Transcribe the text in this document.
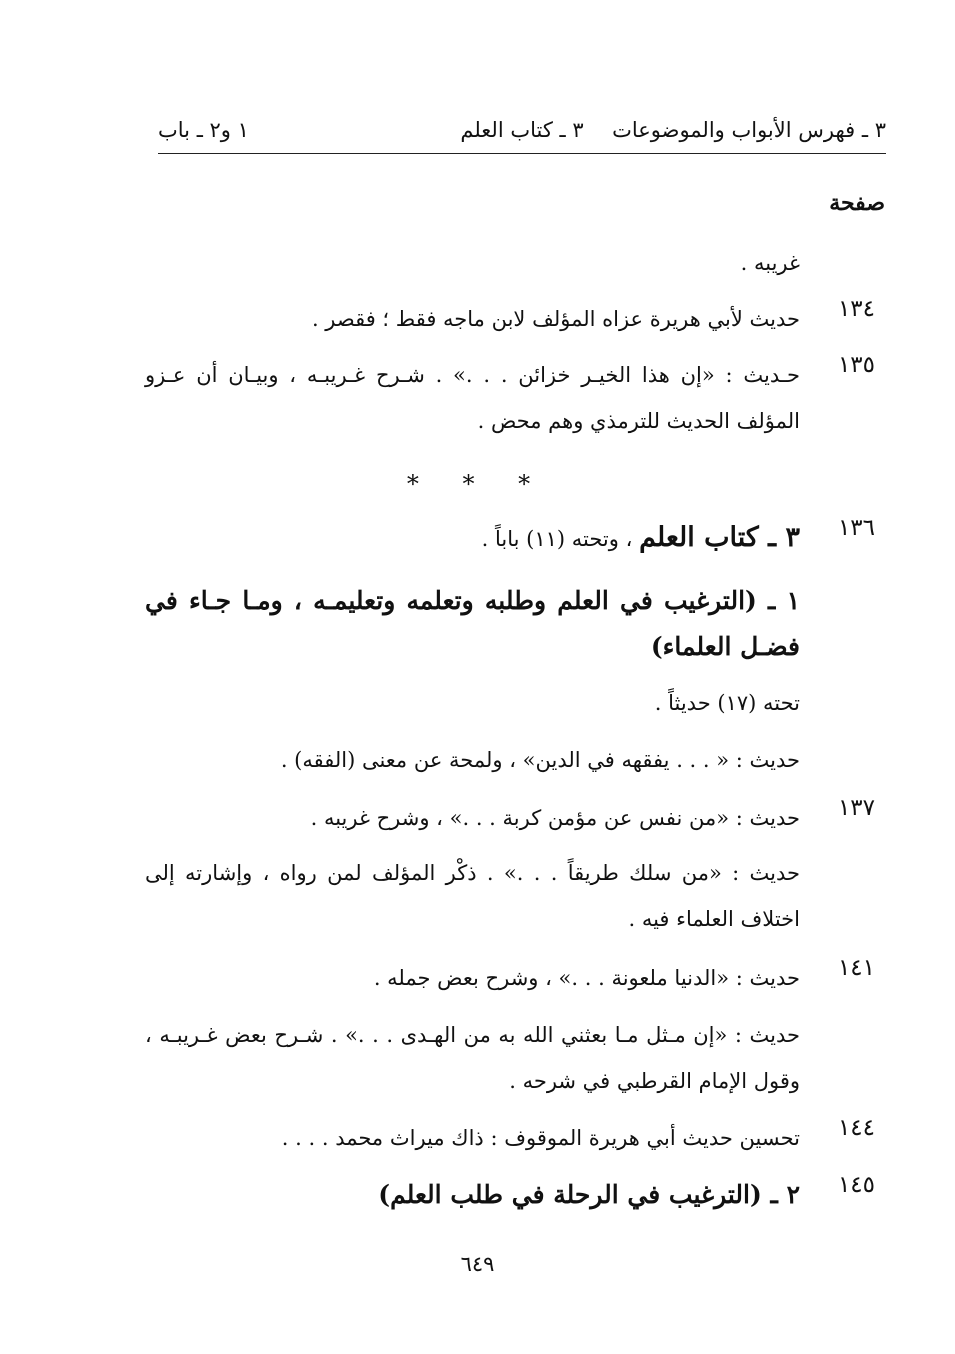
٣ ـ فهرس الأبواب والموضوعات
٣ ـ كتاب العلم
١ و٢ ـ باب
صفحة
غريبه .
١٣٤
حديث لأبي هريرة عزاه المؤلف لابن ماجه فقط ؛ فقصر .
١٣٥
حـديث : «إن هذا الخيـر خزائن . . .» . شـرح غـريبـه ، وبيـان أن عـزو المؤلف الحديث للترمذي وهم محض .
* * *
١٣٦
٣ ـ كتاب العلم ، وتحته (١١) باباً .
١ ـ (الترغيب في العلم وطلبه وتعلمه وتعليمـه ، ومـا جـاء في فضـل العلماء)
تحته (١٧) حديثاً .
حديث : « . . . يفقهه في الدين» ، ولمحة عن معنى (الفقه) .
١٣٧
حديث : «من نفس عن مؤمن كربة . . .» ، وشرح غريبه .
حديث : «من سلك طريقاً . . .» . ذكْر المؤلف لمن رواه ، وإشارته إلى اختلاف العلماء فيه .
١٤١
حديث : «الدنيا ملعونة . . .» ، وشرح بعض جمله .
حديث : «إن مـثل مـا بعثني الله به من الهـدى . . .» . شـرح بعض غـريبـه ، وقول الإمام القرطبي في شرحه .
١٤٤
تحسين حديث أبي هريرة الموقوف : ذاك ميراث محمد . . . .
١٤٥
٢ ـ (الترغيب في الرحلة في طلب العلم)
٦٤٩
